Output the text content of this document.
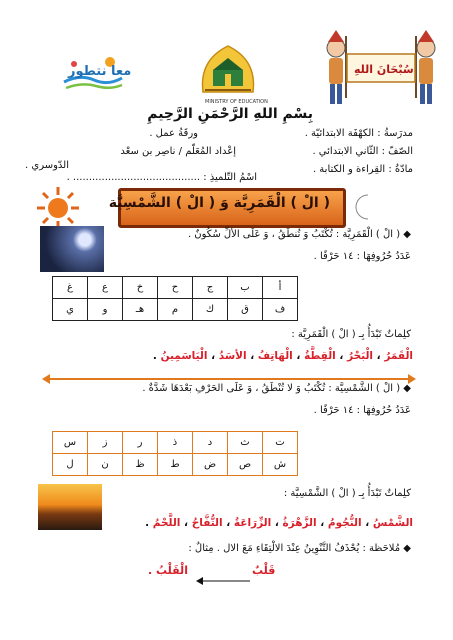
معا نتطور
MINISTRY OF EDUCATION
سُبْحَانَ اللهِ
بِسْمِ اللهِ الرَّحْمَنِ الرَّحِيمِ
مدرَسةُ : الكهْفَة الابتدائيّة .
ورقَةُ عمل .
الصّفّ : الثّاني الابتدائي .
إعْداد المُعَلّم / ناصِر بن سعْد
الدّوسري .	مادّةُ : القِراءة و الكتابة .
اسْمُ التّلميذِ : ........................................ .
( الْ ) الْقَمَرِيَّة وَ ( الْ ) الشَّمْسِيَّة
◆ ( الْ ) الْقَمَرِيَّة : تُكْتَبُ وَ تُنطَقُ ، وَ عَلَى الألِّ سُكُونٌ .
عَدَدُ حُرُوفِهَا : ١٤ حَرْفًا .
أ	ب	ج	ح	خ	ع	غ
ف	ق	ك	م	هـ	و	ي
كلِماتٌ تَبْدَأُ بِـ ( الْ ) الْقَمَرِيَّة :
الْقَمَرُ ، الْبَحْرُ ، الْقِطَّةُ ، الْهَاتِفُ ، الأسَدُ ، الْيَاسَمِينُ .
◆ ( الْ ) الشَّمْسِيَّة : تُكْتَبُ وَ لا تُنْطَقُ ، وَ عَلَى الحَرْفِ بَعْدَهَا شَدَّةٌ .
عَدَدُ حُرُوفِهَا : ١٤ حَرْفًا .
ت	ث	د	ذ	ر	ز	س
ش	ص	ض	ط	ظ	ن	ل
كلِماتٌ تَبْدَأُ بِـ ( الْ ) الشَّمْسِيَّة :
الشَّمْسُ ، النُّجُومُ ، الزَّهْرَةُ ، الزِّرَاعَةُ ، التُّفَّاحُ ، اللَّحْمُ .
◆ مُلاحَظة : يُحْذَفُ التَّنْوِينُ عِنْدَ الالْتِقَاءِ مَعَ الال . مِثالٌ :
قَلْبٌ
الْقَلْبُ .
